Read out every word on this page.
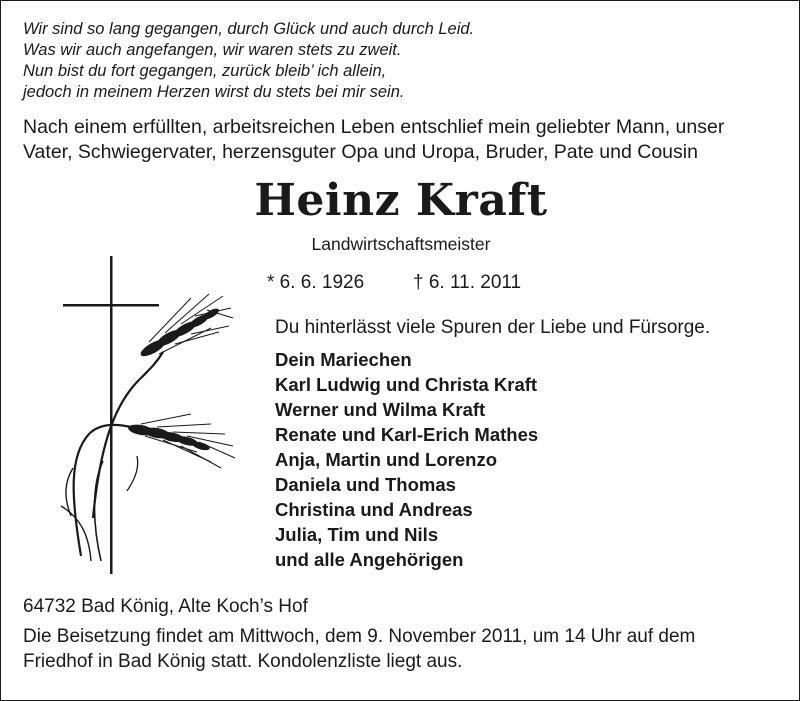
Wir sind so lang gegangen, durch Glück und auch durch Leid.
Was wir auch angefangen, wir waren stets zu zweit.
Nun bist du fort gegangen, zurück bleib’ ich allein,
jedoch in meinem Herzen wirst du stets bei mir sein.
Nach einem erfüllten, arbeitsreichen Leben entschlief mein geliebter Mann, unser
Vater, Schwiegervater, herzensguter Opa und Uropa, Bruder, Pate und Cousin
Heinz Kraft
Landwirtschaftsmeister
* 6. 6. 1926	† 6. 11. 2011
Du hinterlässt viele Spuren der Liebe und Fürsorge.
Dein Mariechen
Karl Ludwig und Christa Kraft
Werner und Wilma Kraft
Renate und Karl-Erich Mathes
Anja, Martin und Lorenzo
Daniela und Thomas
Christina und Andreas
Julia, Tim und Nils
und alle Angehörigen
64732 Bad König, Alte Koch’s Hof
Die Beisetzung findet am Mittwoch, dem 9. November 2011, um 14 Uhr auf dem
Friedhof in Bad König statt. Kondolenzliste liegt aus.
